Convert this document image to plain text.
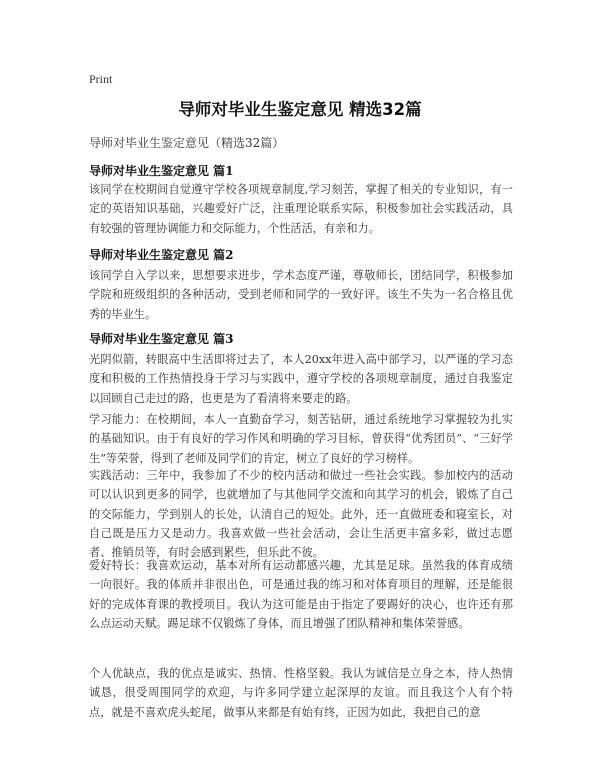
Print
导师对毕业生鉴定意见 精选32篇
导师对毕业生鉴定意见（精选32篇）
导师对毕业生鉴定意见 篇1
该同学在校期间自觉遵守学校各项规章制度,学习刻苦，掌握了相关的专业知识，有一定的英语知识基础，兴趣爱好广泛，注重理论联系实际，积极参加社会实践活动，具有较强的管理协调能力和交际能力，个性活活，有亲和力。
导师对毕业生鉴定意见 篇2
该同学自入学以来，思想要求进步，学术态度严谨，尊敬师长，团结同学，积极参加学院和班级组织的各种活动，受到老师和同学的一致好评。该生不失为一名合格且优秀的毕业生。
导师对毕业生鉴定意见 篇3
光阴似箭，转眼高中生活即将过去了，本人20xx年进入高中部学习，以严谨的学习态度和积极的工作热情投身于学习与实践中，遵守学校的各项规章制度，通过自我鉴定以回顾自己走过的路，也更是为了看清将来要走的路。
学习能力：在校期间，本人一直勤奋学习，刻苦钻研，通过系统地学习掌握较为扎实的基础知识。由于有良好的学习作风和明确的学习目标，曾获得“优秀团员”、“三好学生”等荣誉，得到了老师及同学们的肯定，树立了良好的学习榜样。
实践活动：三年中，我参加了不少的校内活动和做过一些社会实践。参加校内的活动可以认识到更多的同学，也就增加了与其他同学交流和向其学习的机会，锻炼了自己的交际能力，学到别人的长处，认清自己的短处。此外，还一直做班委和寝室长，对自己既是压力又是动力。我喜欢做一些社会活动，会让生活更丰富多彩，做过志愿者、推销员等，有时会感到累些，但乐此不彼。
爱好特长：我喜欢运动，基本对所有运动都感兴趣，尤其是足球。虽然我的体育成绩一向很好。我的体质并非很出色，可是通过我的练习和对体育项目的理解，还是能很好的完成体育课的教授项目。我认为这可能是由于指定了要踢好的决心，也许还有那么点运动天赋。踢足球不仅锻炼了身体，而且增强了团队精神和集体荣誉感。
个人优缺点，我的优点是诚实、热情、性格坚毅。我认为诚信是立身之本，待人热情诚恳，很受周围同学的欢迎，与许多同学建立起深厚的友谊。而且我这个人有个特点，就是不喜欢虎头蛇尾，做事从来都是有始有终，正因为如此，我把自己的意
